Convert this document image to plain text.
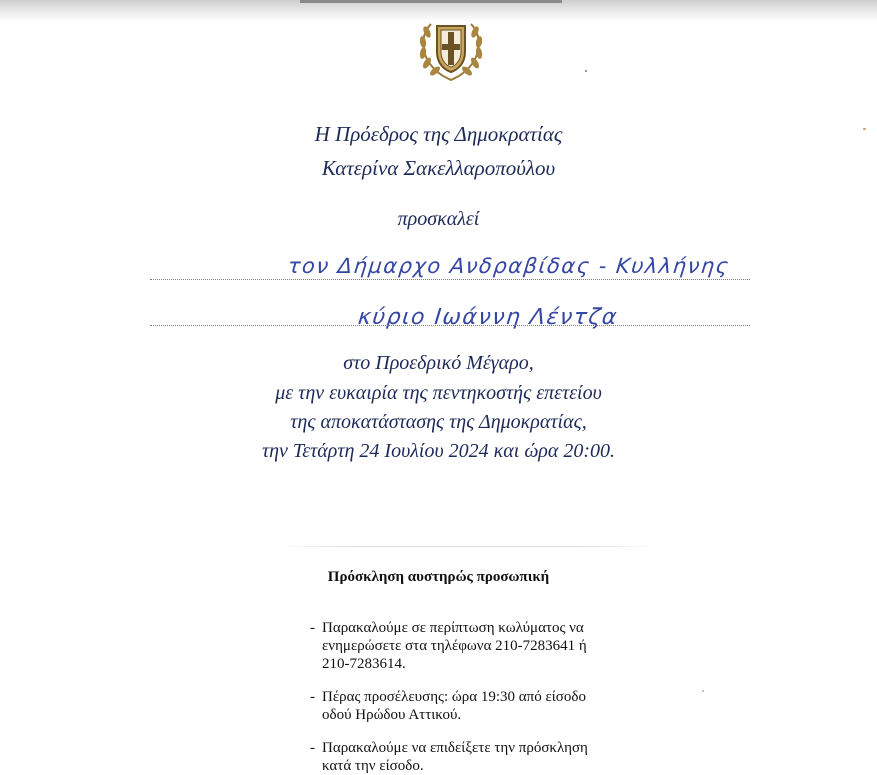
Η Πρόεδρος της Δημοκρατίας
Κατερίνα Σακελλαροπούλου
προσκαλεί
τον Δήμαρχο Ανδραβίδας - Κυλλήνης
κύριο Ιωάννη Λέντζα
στο Προεδρικό Μέγαρο,
με την ευκαιρία της πεντηκοστής επετείου
της αποκατάστασης της Δημοκρατίας,
την Τετάρτη 24 Ιουλίου 2024 και ώρα 20:00.
Πρόσκληση αυστηρώς προσωπική
- Παρακαλούμε σε περίπτωση κωλύματος να
ενημερώσετε στα τηλέφωνα 210-7283641 ή
210-7283614.
- Πέρας προσέλευσης: ώρα 19:30 από είσοδο
οδού Ηρώδου Αττικού.
- Παρακαλούμε να επιδείξετε την πρόσκληση
κατά την είσοδο.
